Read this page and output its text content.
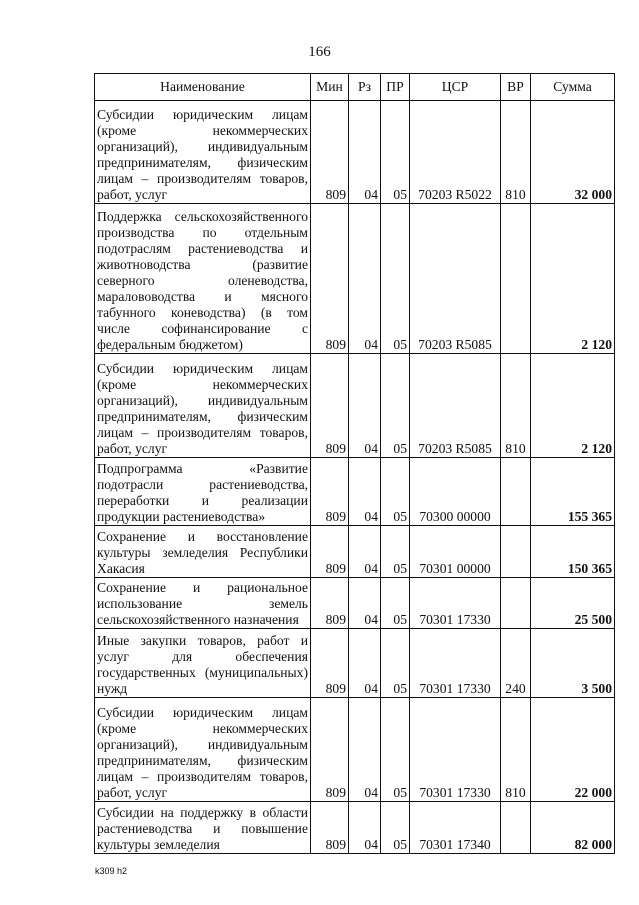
166
Наименование	Мин	Рз	ПР	ЦСР	ВР	Сумма
Субсидии юридическим лицам (кроме некоммерческих организаций), индивидуальным предпринимателям, физическим лицам – производителям товаров, работ, услуг	809	04	05	70203 R5022	810	32 000
Поддержка сельскохозяйственного производства по отдельным подотраслям растениеводства и животноводства (развитие северного оленеводства, маралововодства и мясного табунного коневодства) (в том числе софинансирование с федеральным бюджетом)	809	04	05	70203 R5085		2 120
Субсидии юридическим лицам (кроме некоммерческих организаций), индивидуальным предпринимателям, физическим лицам – производителям товаров, работ, услуг	809	04	05	70203 R5085	810	2 120
Подпрограмма «Развитие подотрасли растениеводства, переработки и реализации продукции растениеводства»	809	04	05	70300 00000		155 365
Сохранение и восстановление культуры земледелия Республики Хакасия	809	04	05	70301 00000		150 365
Сохранение и рациональное использование земель сельскохозяйственного назначения	809	04	05	70301 17330		25 500
Иные закупки товаров, работ и услуг для обеспечения государственных (муниципальных) нужд	809	04	05	70301 17330	240	3 500
Субсидии юридическим лицам (кроме некоммерческих организаций), индивидуальным предпринимателям, физическим лицам – производителям товаров, работ, услуг	809	04	05	70301 17330	810	22 000
Субсидии на поддержку в области растениеводства и повышение культуры земледелия	809	04	05	70301 17340		82 000
k309 h2
